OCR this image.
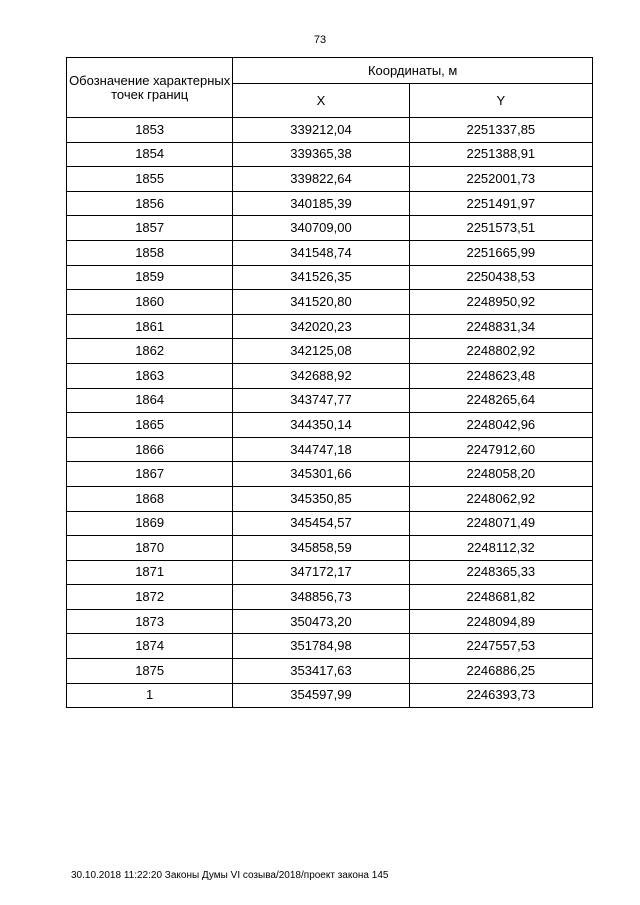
73
Обозначение характерных точек границ	Координаты, м	
	X	Y
1853	339212,04	2251337,85
1854	339365,38	2251388,91
1855	339822,64	2252001,73
1856	340185,39	2251491,97
1857	340709,00	2251573,51
1858	341548,74	2251665,99
1859	341526,35	2250438,53
1860	341520,80	2248950,92
1861	342020,23	2248831,34
1862	342125,08	2248802,92
1863	342688,92	2248623,48
1864	343747,77	2248265,64
1865	344350,14	2248042,96
1866	344747,18	2247912,60
1867	345301,66	2248058,20
1868	345350,85	2248062,92
1869	345454,57	2248071,49
1870	345858,59	2248112,32
1871	347172,17	2248365,33
1872	348856,73	2248681,82
1873	350473,20	2248094,89
1874	351784,98	2247557,53
1875	353417,63	2246886,25
1	354597,99	2246393,73
30.10.2018 11:22:20 Законы Думы VI созыва/2018/проект закона 145
